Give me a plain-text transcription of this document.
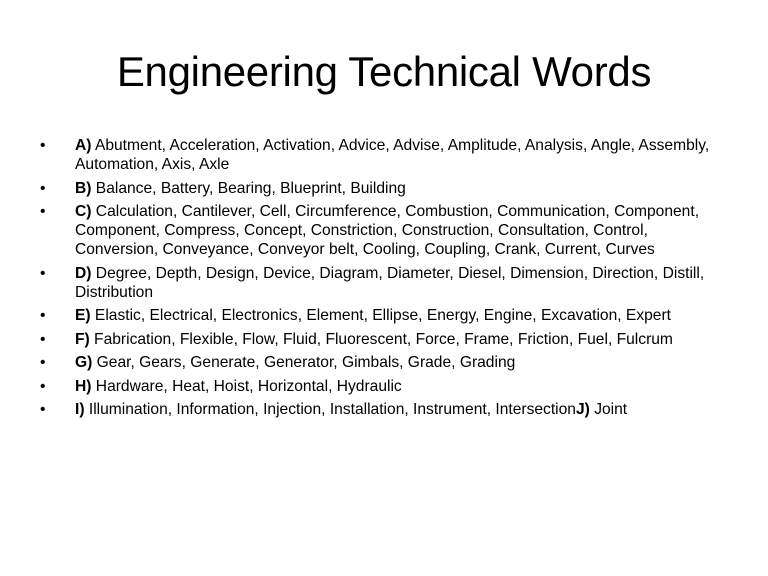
Engineering Technical Words
•	A) Abutment, Acceleration, Activation, Advice, Advise, Amplitude, Analysis, Angle, Assembly, Automation, Axis, Axle
•	B) Balance, Battery, Bearing, Blueprint, Building
•	C) Calculation, Cantilever, Cell, Circumference, Combustion, Communication, Component, Component, Compress, Concept, Constriction, Construction, Consultation, Control, Conversion, Conveyance, Conveyor belt, Cooling, Coupling, Crank, Current, Curves
•	D) Degree, Depth, Design, Device, Diagram, Diameter, Diesel, Dimension, Direction, Distill, Distribution
•	E) Elastic, Electrical, Electronics, Element, Ellipse, Energy, Engine, Excavation, Expert
•	F) Fabrication, Flexible, Flow, Fluid, Fluorescent, Force, Frame, Friction, Fuel, Fulcrum
•	G) Gear, Gears, Generate, Generator, Gimbals, Grade, Grading
•	H) Hardware, Heat, Hoist, Horizontal, Hydraulic
•	I) Illumination, Information, Injection, Installation, Instrument, IntersectionJ) Joint
